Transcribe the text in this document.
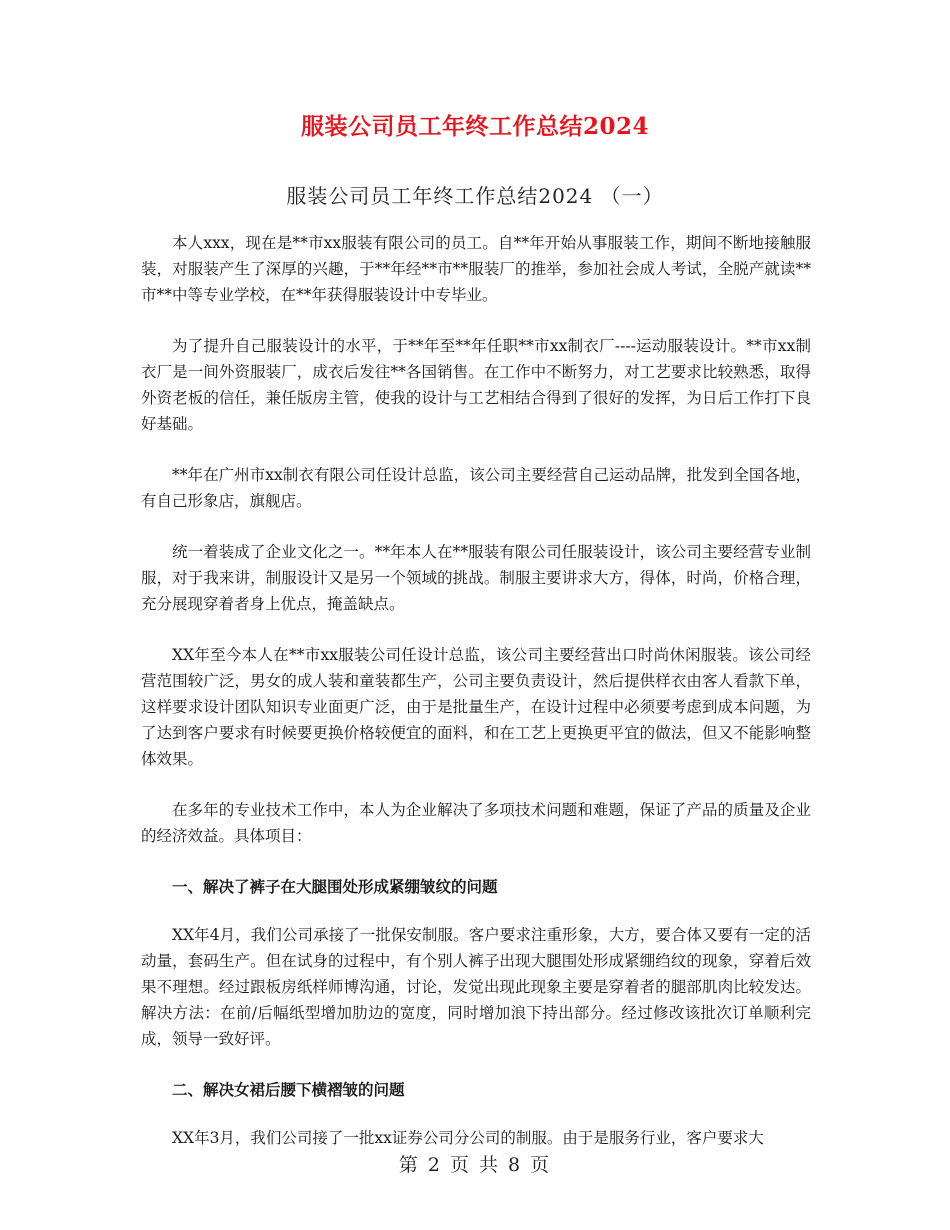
服装公司员工年终工作总结2024
服装公司员工年终工作总结2024 （一）

本人xxx，现在是**市xx服装有限公司的员工。自**年开始从事服装工作，期间不断地接触服装，对服装产生了深厚的兴趣，于**年经**市**服装厂的推举，参加社会成人考试，全脱产就读**市**中等专业学校，在**年获得服装设计中专毕业。

为了提升自己服装设计的水平，于**年至**年任职**市xx制衣厂----运动服装设计。**市xx制衣厂是一间外资服装厂，成衣后发往**各国销售。在工作中不断努力，对工艺要求比较熟悉，取得外资老板的信任，兼任版房主管，使我的设计与工艺相结合得到了很好的发挥，为日后工作打下良好基础。

**年在广州市xx制衣有限公司任设计总监，该公司主要经营自己运动品牌，批发到全国各地，有自己形象店，旗舰店。

统一着装成了企业文化之一。**年本人在**服装有限公司任服装设计，该公司主要经营专业制服，对于我来讲，制服设计又是另一个领域的挑战。制服主要讲求大方，得体，时尚，价格合理，充分展现穿着者身上优点，掩盖缺点。

XX年至今本人在**市xx服装公司任设计总监，该公司主要经营出口时尚休闲服装。该公司经营范围较广泛，男女的成人装和童装都生产，公司主要负责设计，然后提供样衣由客人看款下单，这样要求设计团队知识专业面更广泛，由于是批量生产，在设计过程中必须要考虑到成本问题，为了达到客户要求有时候要更换价格较便宜的面料，和在工艺上更换更平宜的做法，但又不能影响整体效果。

在多年的专业技术工作中，本人为企业解决了多项技术问题和难题，保证了产品的质量及企业的经济效益。具体项目：

一、解决了裤子在大腿围处形成紧绷皱纹的问题

XX年4月，我们公司承接了一批保安制服。客户要求注重形象，大方，要合体又要有一定的活动量，套码生产。但在试身的过程中，有个别人裤子出现大腿围处形成紧绷绉纹的现象，穿着后效果不理想。经过跟板房纸样师博沟通，讨论，发觉出现此现象主要是穿着者的腿部肌肉比较发达。解决方法：在前/后幅纸型增加肋边的宽度，同时增加浪下持出部分。经过修改该批次订单顺利完成，领导一致好评。

二、解决女裙后腰下横褶皱的问题

XX年3月，我们公司接了一批xx证券公司分公司的制服。由于是服务行业，客户要求大

第 2 页 共 8 页
